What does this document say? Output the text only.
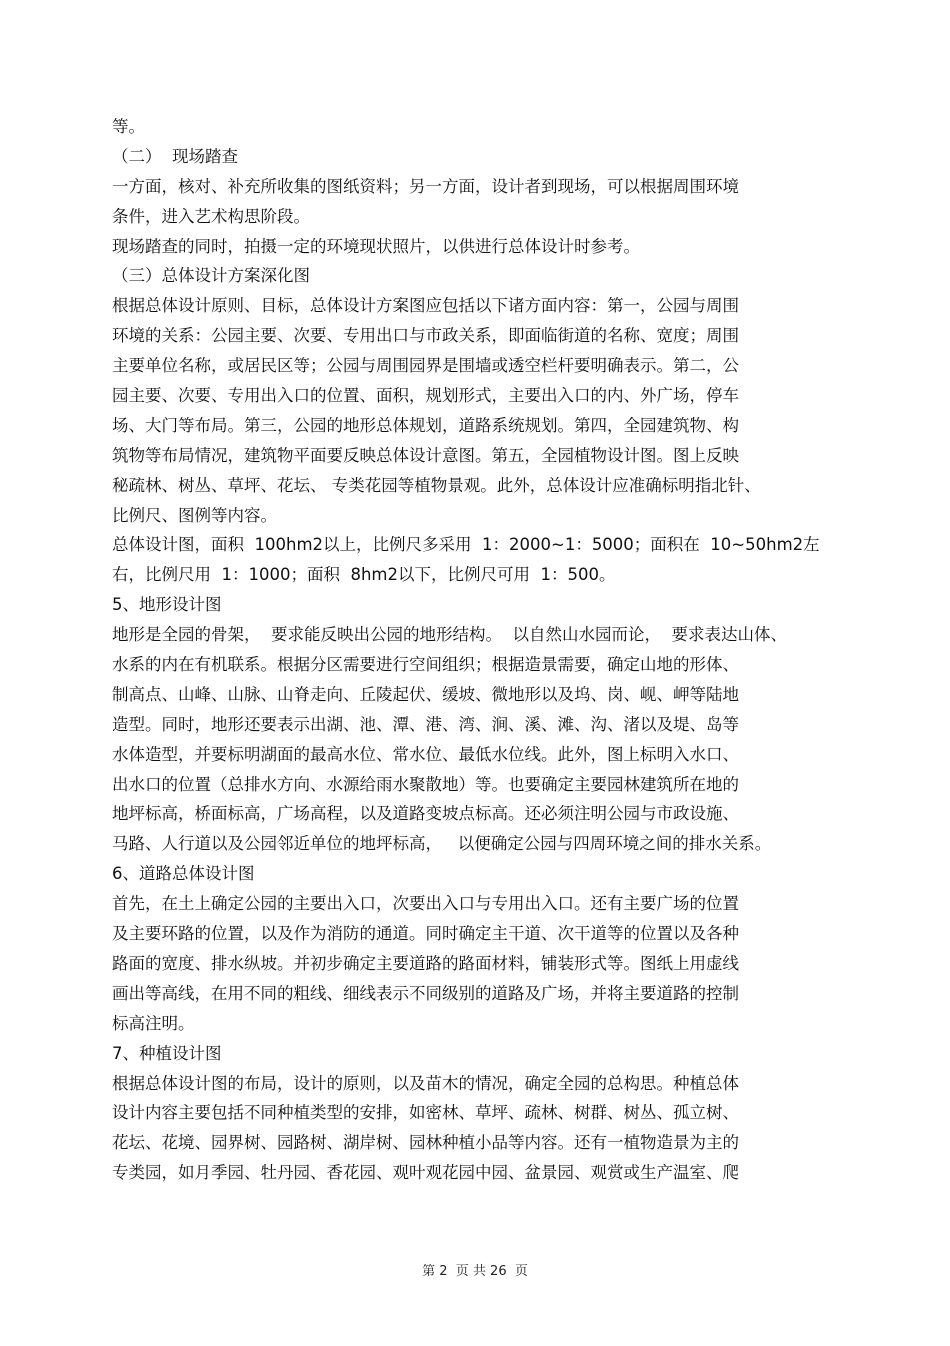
等。
（二）  现场踏查
一方面，核对、补充所收集的图纸资料；另一方面，设计者到现场，可以根据周围环境
条件，进入艺术构思阶段。
现场踏查的同时，拍摄一定的环境现状照片，以供进行总体设计时参考。
（三）总体设计方案深化图
根据总体设计原则、目标，总体设计方案图应包括以下诸方面内容：第一，公园与周围
环境的关系：公园主要、次要、专用出口与市政关系，即面临街道的名称、宽度；周围
主要单位名称，或居民区等；公园与周围园界是围墙或透空栏杆要明确表示。第二，公
园主要、次要、专用出入口的位置、面积，规划形式，主要出入口的内、外广场，停车
场、大门等布局。第三，公园的地形总体规划，道路系统规划。第四，全园建筑物、构
筑物等布局情况，建筑物平面要反映总体设计意图。第五，全园植物设计图。图上反映
秘疏林、树丛、草坪、花坛、 专类花园等植物景观。此外，总体设计应准确标明指北针、
比例尺、图例等内容。
总体设计图，面积  100hm2以上，比例尺多采用  1：2000~1：5000；面积在  10~50hm2左
右，比例尺用  1：1000；面积  8hm2以下，比例尺可用  1：500。
5、地形设计图
地形是全园的骨架，  要求能反映出公园的地形结构。  以自然山水园而论，  要求表达山体、
水系的内在有机联系。根据分区需要进行空间组织；根据造景需要，确定山地的形体、
制高点、山峰、山脉、山脊走向、丘陵起伏、缓坡、微地形以及坞、岗、岘、岬等陆地
造型。同时，地形还要表示出湖、池、潭、港、湾、涧、溪、滩、沟、渚以及堤、岛等
水体造型，并要标明湖面的最高水位、常水位、最低水位线。此外，图上标明入水口、
出水口的位置（总排水方向、水源给雨水聚散地）等。也要确定主要园林建筑所在地的
地坪标高，桥面标高，广场高程，以及道路变坡点标高。还必须注明公园与市政设施、
马路、人行道以及公园邻近单位的地坪标高，   以便确定公园与四周环境之间的排水关系。
6、道路总体设计图
首先，在土上确定公园的主要出入口，次要出入口与专用出入口。还有主要广场的位置
及主要环路的位置，以及作为消防的通道。同时确定主干道、次干道等的位置以及各种
路面的宽度、排水纵坡。并初步确定主要道路的路面材料，铺装形式等。图纸上用虚线
画出等高线，在用不同的粗线、细线表示不同级别的道路及广场，并将主要道路的控制
标高注明。
7、种植设计图
根据总体设计图的布局，设计的原则，以及苗木的情况，确定全园的总构思。种植总体
设计内容主要包括不同种植类型的安排，如密林、草坪、疏林、树群、树丛、孤立树、
花坛、花境、园界树、园路树、湖岸树、园林种植小品等内容。还有一植物造景为主的
专类园，如月季园、牡丹园、香花园、观叶观花园中园、盆景园、观赏或生产温室、爬
第 2  页 共 26  页
